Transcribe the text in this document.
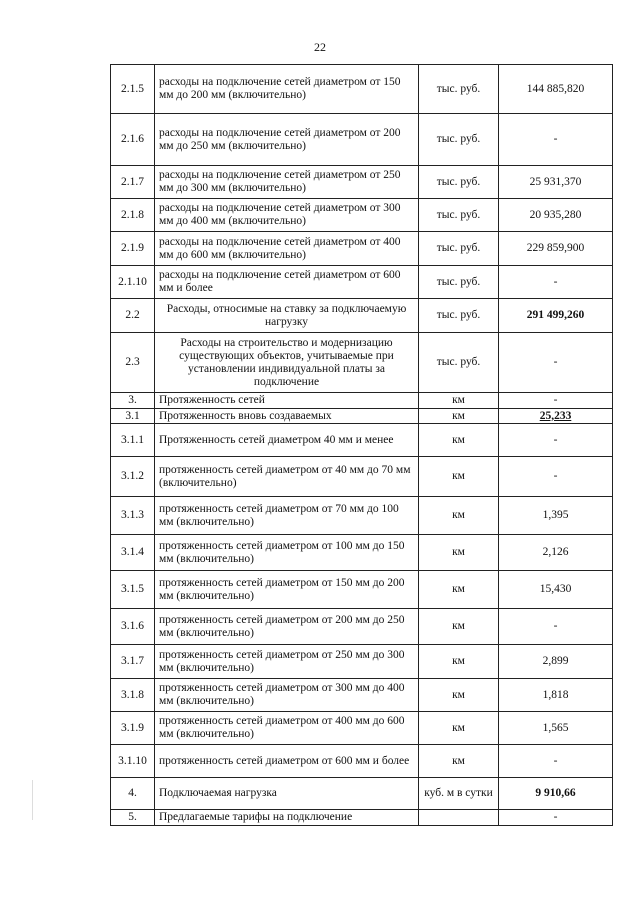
22
2.1.5	расходы на подключение сетей диаметром от 150 мм до 200 мм (включительно)	тыс. руб.	144 885,820
2.1.6	расходы на подключение сетей диаметром от 200 мм до 250 мм (включительно)	тыс. руб.	-
2.1.7	расходы на подключение сетей диаметром от 250 мм до 300 мм (включительно)	тыс. руб.	25 931,370
2.1.8	расходы на подключение сетей диаметром от 300 мм до 400 мм (включительно)	тыс. руб.	20 935,280
2.1.9	расходы на подключение сетей диаметром от 400 мм до 600 мм (включительно)	тыс. руб.	229 859,900
2.1.10	расходы на подключение сетей диаметром от 600 мм и более	тыс. руб.	-
2.2	Расходы, относимые на ставку за подключаемую нагрузку	тыс. руб.	291 499,260
2.3	Расходы на строительство и модернизацию существующих объектов, учитываемые при установлении индивидуальной платы за подключение	тыс. руб.	-
3.	Протяженность сетей	км	-
3.1	Протяженность вновь создаваемых	км	25,233
3.1.1	Протяженность сетей диаметром 40 мм и менее	км	-
3.1.2	протяженность сетей диаметром от 40 мм до 70 мм (включительно)	км	-
3.1.3	протяженность сетей диаметром от 70 мм до 100 мм (включительно)	км	1,395
3.1.4	протяженность сетей диаметром от 100 мм до 150 мм (включительно)	км	2,126
3.1.5	протяженность сетей диаметром от 150 мм до 200 мм (включительно)	км	15,430
3.1.6	протяженность сетей диаметром от 200 мм до 250 мм (включительно)	км	-
3.1.7	протяженность сетей диаметром от 250 мм до 300 мм (включительно)	км	2,899
3.1.8	протяженность сетей диаметром от 300 мм до 400 мм (включительно)	км	1,818
3.1.9	протяженность сетей диаметром от 400 мм до 600 мм (включительно)	км	1,565
3.1.10	протяженность сетей диаметром от 600 мм и более	км	-
4.	Подключаемая нагрузка	куб. м в сутки	9 910,66
5.	Предлагаемые тарифы на подключение		-
